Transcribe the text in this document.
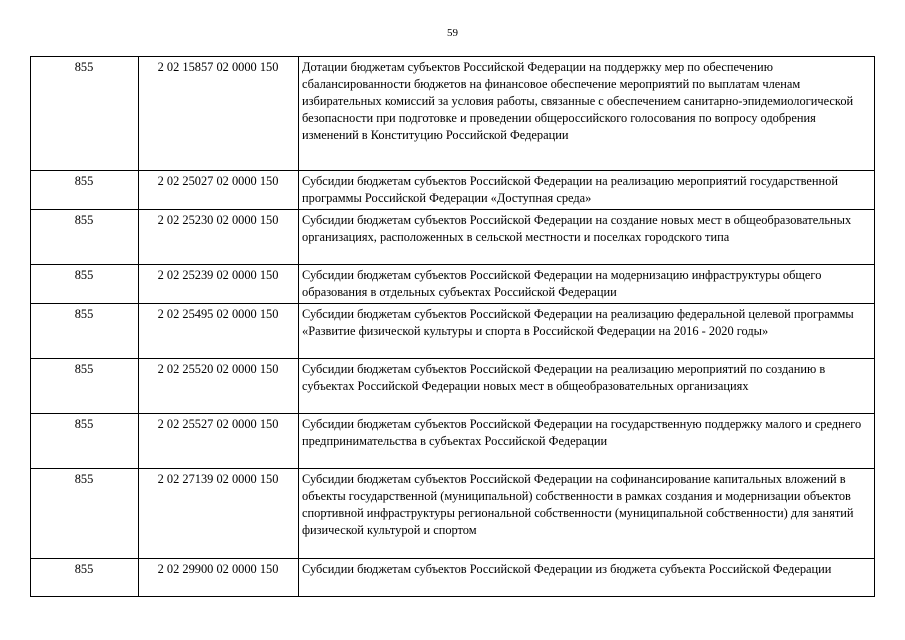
59
855	2 02 15857 02 0000 150	Дотации бюджетам субъектов Российской Федерации на поддержку мер по обеспечению сбалансированности бюджетов на финансовое обеспечение мероприятий по выплатам членам избирательных комиссий за условия работы, связанные с обеспечением санитарно-эпидемиологической безопасности при подготовке и проведении общероссийского голосования по вопросу одобрения изменений в Конституцию Российской Федерации
855	2 02 25027 02 0000 150	Субсидии бюджетам субъектов Российской Федерации на реализацию мероприятий государственной программы Российской Федерации «Доступная среда»
855	2 02 25230 02 0000 150	Субсидии бюджетам субъектов Российской Федерации на создание новых мест в общеобразовательных организациях, расположенных в сельской местности и поселках городского типа
855	2 02 25239 02 0000 150	Субсидии бюджетам субъектов Российской Федерации на модернизацию инфраструктуры общего образования в отдельных субъектах Российской Федерации
855	2 02 25495 02 0000 150	Субсидии бюджетам субъектов Российской Федерации на реализацию федеральной целевой программы «Развитие физической культуры и спорта в Российской Федерации на 2016 - 2020 годы»
855	2 02 25520 02 0000 150	Субсидии бюджетам субъектов Российской Федерации на реализацию мероприятий по созданию в субъектах Российской Федерации новых мест в общеобразовательных организациях
855	2 02 25527 02 0000 150	Субсидии бюджетам субъектов Российской Федерации на государственную поддержку малого и среднего предпринимательства в субъектах Российской Федерации
855	2 02 27139 02 0000 150	Субсидии бюджетам субъектов Российской Федерации на софинансирование капитальных вложений в объекты государственной (муниципальной) собственности в рамках создания и модернизации объектов спортивной инфраструктуры региональной собственности (муниципальной собственности) для занятий физической культурой и спортом
855	2 02 29900 02 0000 150	Субсидии бюджетам субъектов Российской Федерации из бюджета субъекта Российской Федерации
